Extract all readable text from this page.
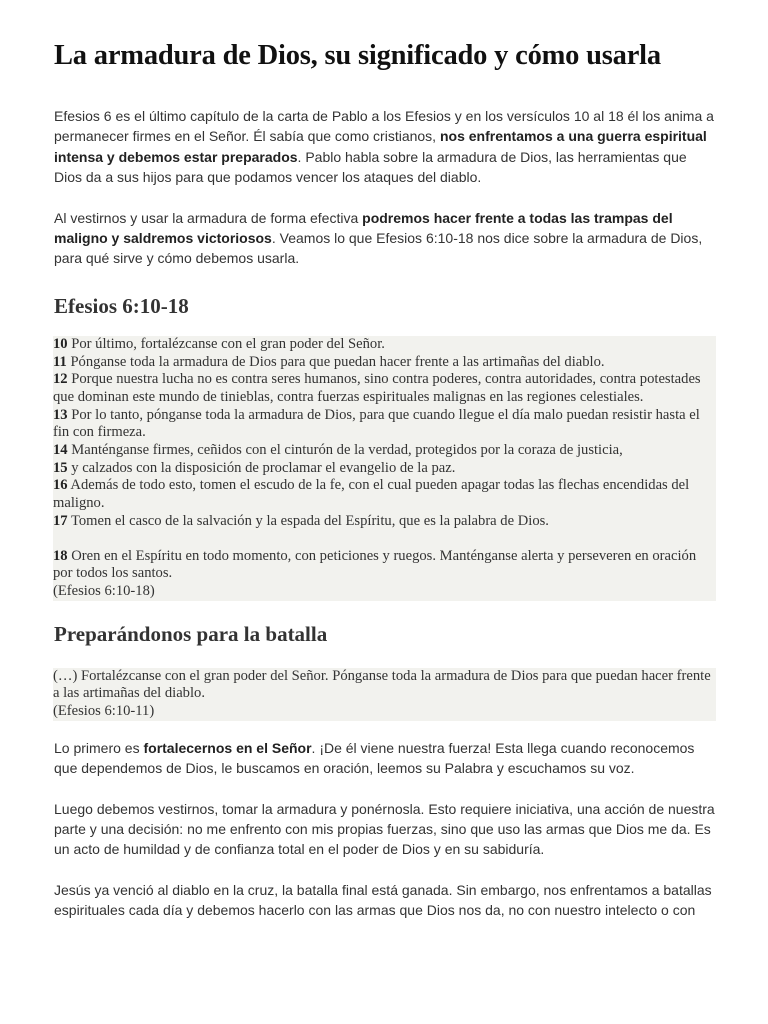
La armadura de Dios, su significado y cómo usarla

Efesios 6 es el último capítulo de la carta de Pablo a los Efesios y en los versículos 10 al 18 él los anima a permanecer firmes en el Señor. Él sabía que como cristianos, nos enfrentamos a una guerra espiritual intensa y debemos estar preparados. Pablo habla sobre la armadura de Dios, las herramientas que Dios da a sus hijos para que podamos vencer los ataques del diablo.

Al vestirnos y usar la armadura de forma efectiva podremos hacer frente a todas las trampas del maligno y saldremos victoriosos. Veamos lo que Efesios 6:10-18 nos dice sobre la armadura de Dios, para qué sirve y cómo debemos usarla.

Efesios 6:10-18
10 Por último, fortalézcanse con el gran poder del Señor.
11 Pónganse toda la armadura de Dios para que puedan hacer frente a las artimañas del diablo.
12 Porque nuestra lucha no es contra seres humanos, sino contra poderes, contra autoridades, contra potestades que dominan este mundo de tinieblas, contra fuerzas espirituales malignas en las regiones celestiales.
13 Por lo tanto, pónganse toda la armadura de Dios, para que cuando llegue el día malo puedan resistir hasta el fin con firmeza.
14 Manténganse firmes, ceñidos con el cinturón de la verdad, protegidos por la coraza de justicia,
15 y calzados con la disposición de proclamar el evangelio de la paz.
16 Además de todo esto, tomen el escudo de la fe, con el cual pueden apagar todas las flechas encendidas del maligno.
17 Tomen el casco de la salvación y la espada del Espíritu, que es la palabra de Dios.
18 Oren en el Espíritu en todo momento, con peticiones y ruegos. Manténganse alerta y perseveren en oración por todos los santos.
(Efesios 6:10-18)
Preparándonos para la batalla
(…) Fortalézcanse con el gran poder del Señor. Pónganse toda la armadura de Dios para que puedan hacer frente a las artimañas del diablo.
(Efesios 6:10-11)

Lo primero es fortalecernos en el Señor. ¡De él viene nuestra fuerza! Esta llega cuando reconocemos que dependemos de Dios, le buscamos en oración, leemos su Palabra y escuchamos su voz.

Luego debemos vestirnos, tomar la armadura y ponérnosla. Esto requiere iniciativa, una acción de nuestra parte y una decisión: no me enfrento con mis propias fuerzas, sino que uso las armas que Dios me da. Es un acto de humildad y de confianza total en el poder de Dios y en su sabiduría.

Jesús ya venció al diablo en la cruz, la batalla final está ganada. Sin embargo, nos enfrentamos a batallas espirituales cada día y debemos hacerlo con las armas que Dios nos da, no con nuestro intelecto o con
